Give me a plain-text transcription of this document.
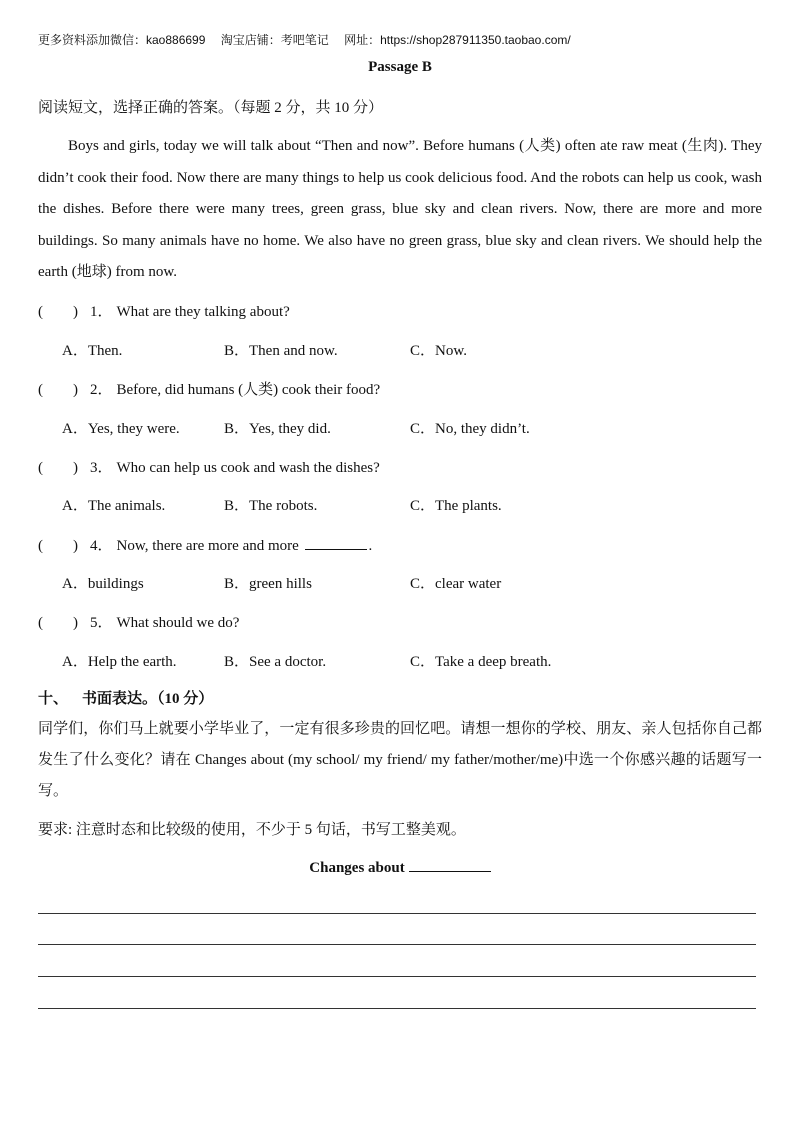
更多资料添加微信：kao886699 淘宝店铺：考吧笔记 网址：https://shop287911350.taobao.com/
Passage B
阅读短文，选择正确的答案。（每题 2 分，共 10 分）

Boys and girls, today we will talk about “Then and now”. Before humans (人类) often ate raw meat (生肉). They didn’t cook their food. Now there are many things to help us cook delicious food. And the robots can help us cook, wash the dishes. Before there were many trees, green grass, blue sky and clean rivers. Now, there are more and more buildings. So many animals have no home. We also have no green grass, blue sky and clean rivers. We should help the earth (地球) from now.

( ) 1． What are they talking about?
A．Then.	B．Then and now.	C．Now.
( ) 2． Before, did humans (人类) cook their food?
A．Yes, they were.	B．Yes, they did.	C．No, they didn’t.
( ) 3． Who can help us cook and wash the dishes?
A．The animals.	B．The robots.	C．The plants.
( ) 4． Now, there are more and more	.
A．buildings	B．green hills	C．clear water
( ) 5． What should we do?
A．Help the earth.	B．See a doctor.	C．Take a deep breath.
十、 书面表达。（10 分）

同学们，你们马上就要小学毕业了，一定有很多珍贵的回忆吧。请想一想你的学校、朋友、亲人包括你自己都发生了什么变化？请在 Changes about (my school/ my friend/ my father/mother/me)中选一个你感兴趣的话题写一写。

要求: 注意时态和比较级的使用，不少于 5 句话，书写工整美观。
Changes about
